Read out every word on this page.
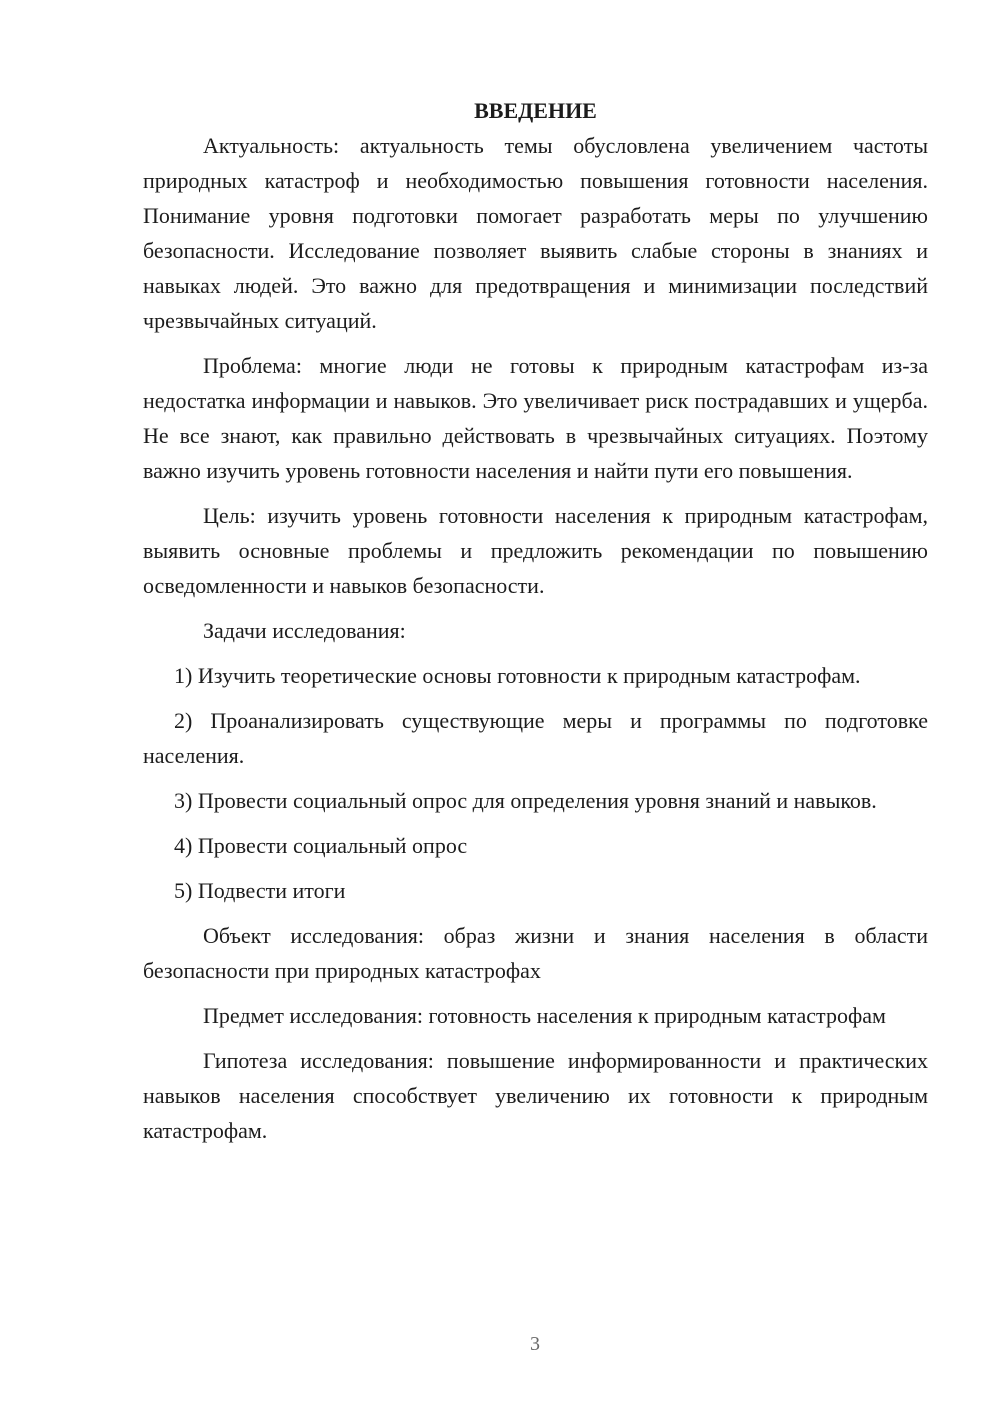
ВВЕДЕНИЕ

Актуальность: актуальность темы обусловлена увеличением частоты природных катастроф и необходимостью повышения готовности населения. Понимание уровня подготовки помогает разработать меры по улучшению безопасности. Исследование позволяет выявить слабые стороны в знаниях и навыках людей. Это важно для предотвращения и минимизации последствий чрезвычайных ситуаций.

Проблема: многие люди не готовы к природным катастрофам из-за недостатка информации и навыков. Это увеличивает риск пострадавших и ущерба. Не все знают, как правильно действовать в чрезвычайных ситуациях. Поэтому важно изучить уровень готовности населения и найти пути его повышения.

Цель: изучить уровень готовности населения к природным катастрофам, выявить основные проблемы и предложить рекомендации по повышению осведомленности и навыков безопасности.

Задачи исследования:

1) Изучить теоретические основы готовности к природным катастрофам.

2) Проанализировать существующие меры и программы по подготовке населения.

3) Провести социальный опрос для определения уровня знаний и навыков.

4) Провести социальный опрос

5) Подвести итоги

Объект исследования: образ жизни и знания населения в области безопасности при природных катастрофах

Предмет исследования: готовность населения к природным катастрофам

Гипотеза исследования: повышение информированности и практических навыков населения способствует увеличению их готовности к природным катастрофам.

3
